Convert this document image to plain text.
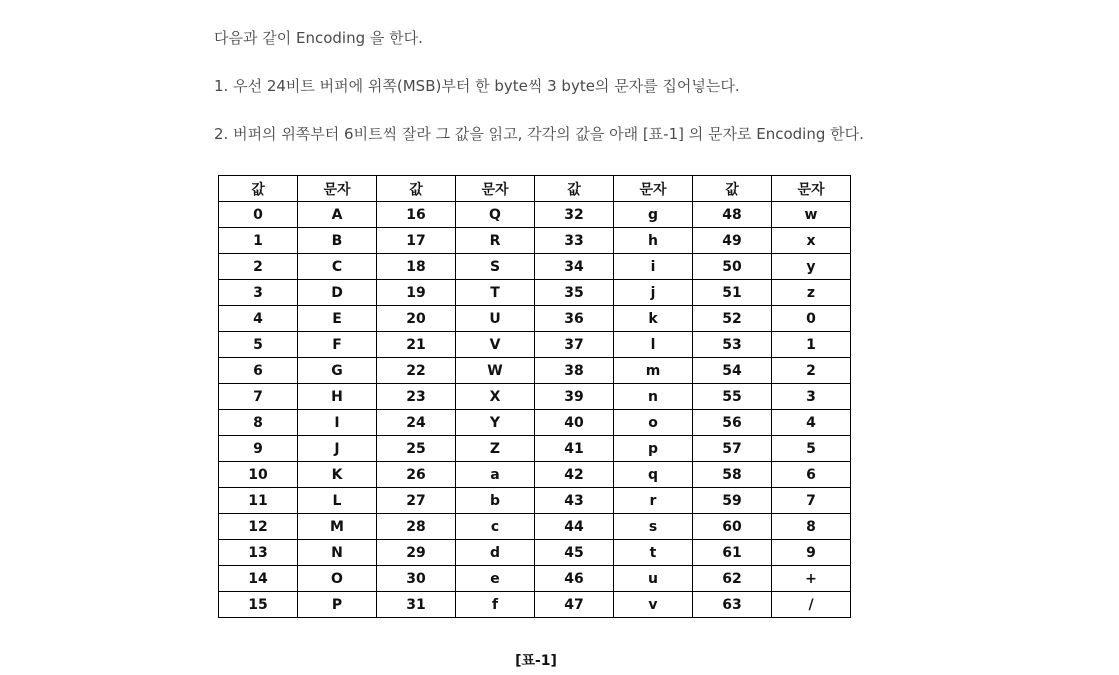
다음과 같이 Encoding 을 한다.
1. 우선 24비트 버퍼에 위쪽(MSB)부터 한 byte씩 3 byte의 문자를 집어넣는다.
2. 버퍼의 위쪽부터 6비트씩 잘라 그 값을 읽고, 각각의 값을 아래 [표-1] 의 문자로 Encoding 한다.
값	문자	값	문자	값	문자	값	문자
0	A	16	Q	32	g	48	w
1	B	17	R	33	h	49	x
2	C	18	S	34	i	50	y
3	D	19	T	35	j	51	z
4	E	20	U	36	k	52	0
5	F	21	V	37	l	53	1
6	G	22	W	38	m	54	2
7	H	23	X	39	n	55	3
8	I	24	Y	40	o	56	4
9	J	25	Z	41	p	57	5
10	K	26	a	42	q	58	6
11	L	27	b	43	r	59	7
12	M	28	c	44	s	60	8
13	N	29	d	45	t	61	9
14	O	30	e	46	u	62	+
15	P	31	f	47	v	63	/
[표-1]
